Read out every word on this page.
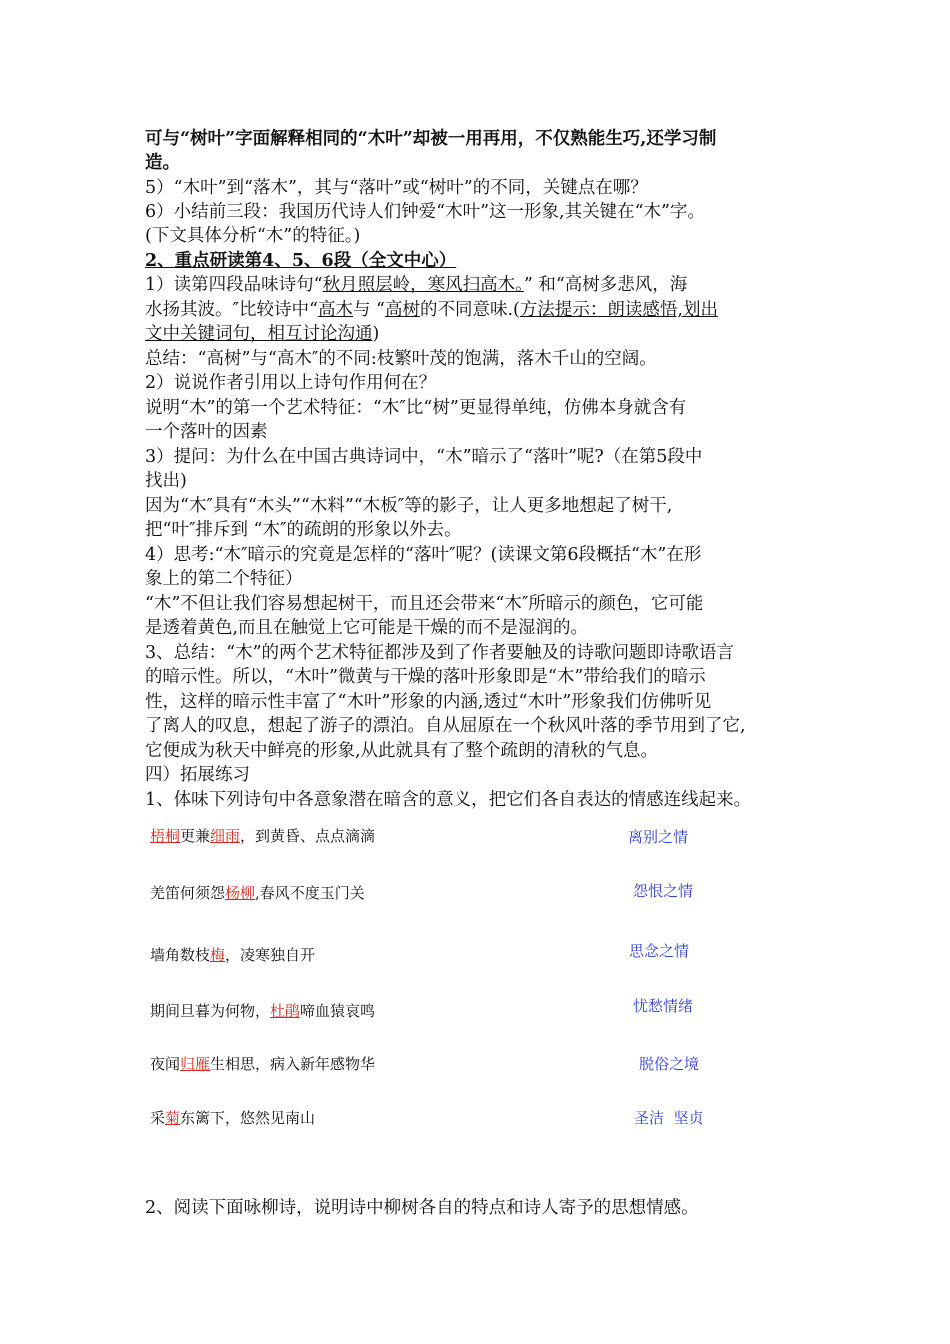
可与“树叶”字面解释相同的“木叶”却被一用再用，不仅熟能生巧,还学习制
造。
5）“木叶”到“落木”，其与“落叶”或“树叶”的不同，关键点在哪？
6）小结前三段：我国历代诗人们钟爱“木叶”这一形象,其关键在“木”字。
(下文具体分析“木”的特征。)
2、重点研读第4、5、6段（全文中心）
1）读第四段品味诗句“秋月照层岭，寒风扫高木。” 和“高树多悲风，海
水扬其波。″比较诗中“高木与 “高树的不同意味.(方法提示：朗读感悟,划出
文中关键词句，相互讨论沟通)
总结：“高树”与“高木″的不同:枝繁叶茂的饱满，落木千山的空阔。
2）说说作者引用以上诗句作用何在？
说明“木”的第一个艺术特征：“木″比“树”更显得单纯，仿佛本身就含有
一个落叶的因素
3）提问：为什么在中国古典诗词中，“木”暗示了“落叶”呢?（在第5段中
找出)
因为“木″具有“木头”“木料”“木板″等的影子，让人更多地想起了树干,
把“叶″排斥到 “木″的疏朗的形象以外去。
4）思考:“木″暗示的究竟是怎样的“落叶″呢？(读课文第6段概括“木”在形
象上的第二个特征）
“木”不但让我们容易想起树干，而且还会带来“木″所暗示的颜色，它可能
是透着黄色,而且在触觉上它可能是干燥的而不是湿润的。
3、总结：“木”的两个艺术特征都涉及到了作者要触及的诗歌问题即诗歌语言
的暗示性。所以，“木叶”微黄与干燥的落叶形象即是“木”带给我们的暗示
性，这样的暗示性丰富了“木叶”形象的内涵,透过“木叶”形象我们仿佛听见
了离人的叹息，想起了游子的漂泊。自从屈原在一个秋风叶落的季节用到了它,
它便成为秋天中鲜亮的形象,从此就具有了整个疏朗的清秋的气息。
四）拓展练习
1、体味下列诗句中各意象潜在暗含的意义，把它们各自表达的情感连线起来。
梧桐更兼细雨，到黄昏、点点滴滴
羌笛何须怨杨柳,春风不度玉门关
墙角数枝梅，凌寒独自开
期间旦暮为何物，杜鹃啼血猿哀鸣
夜闻归雁生相思，病入新年感物华
采菊东篱下，悠然见南山
离别之情
怨恨之情
思念之情
忧愁情绪
脱俗之境
圣洁  坚贞
2、阅读下面咏柳诗，说明诗中柳树各自的特点和诗人寄予的思想情感。
